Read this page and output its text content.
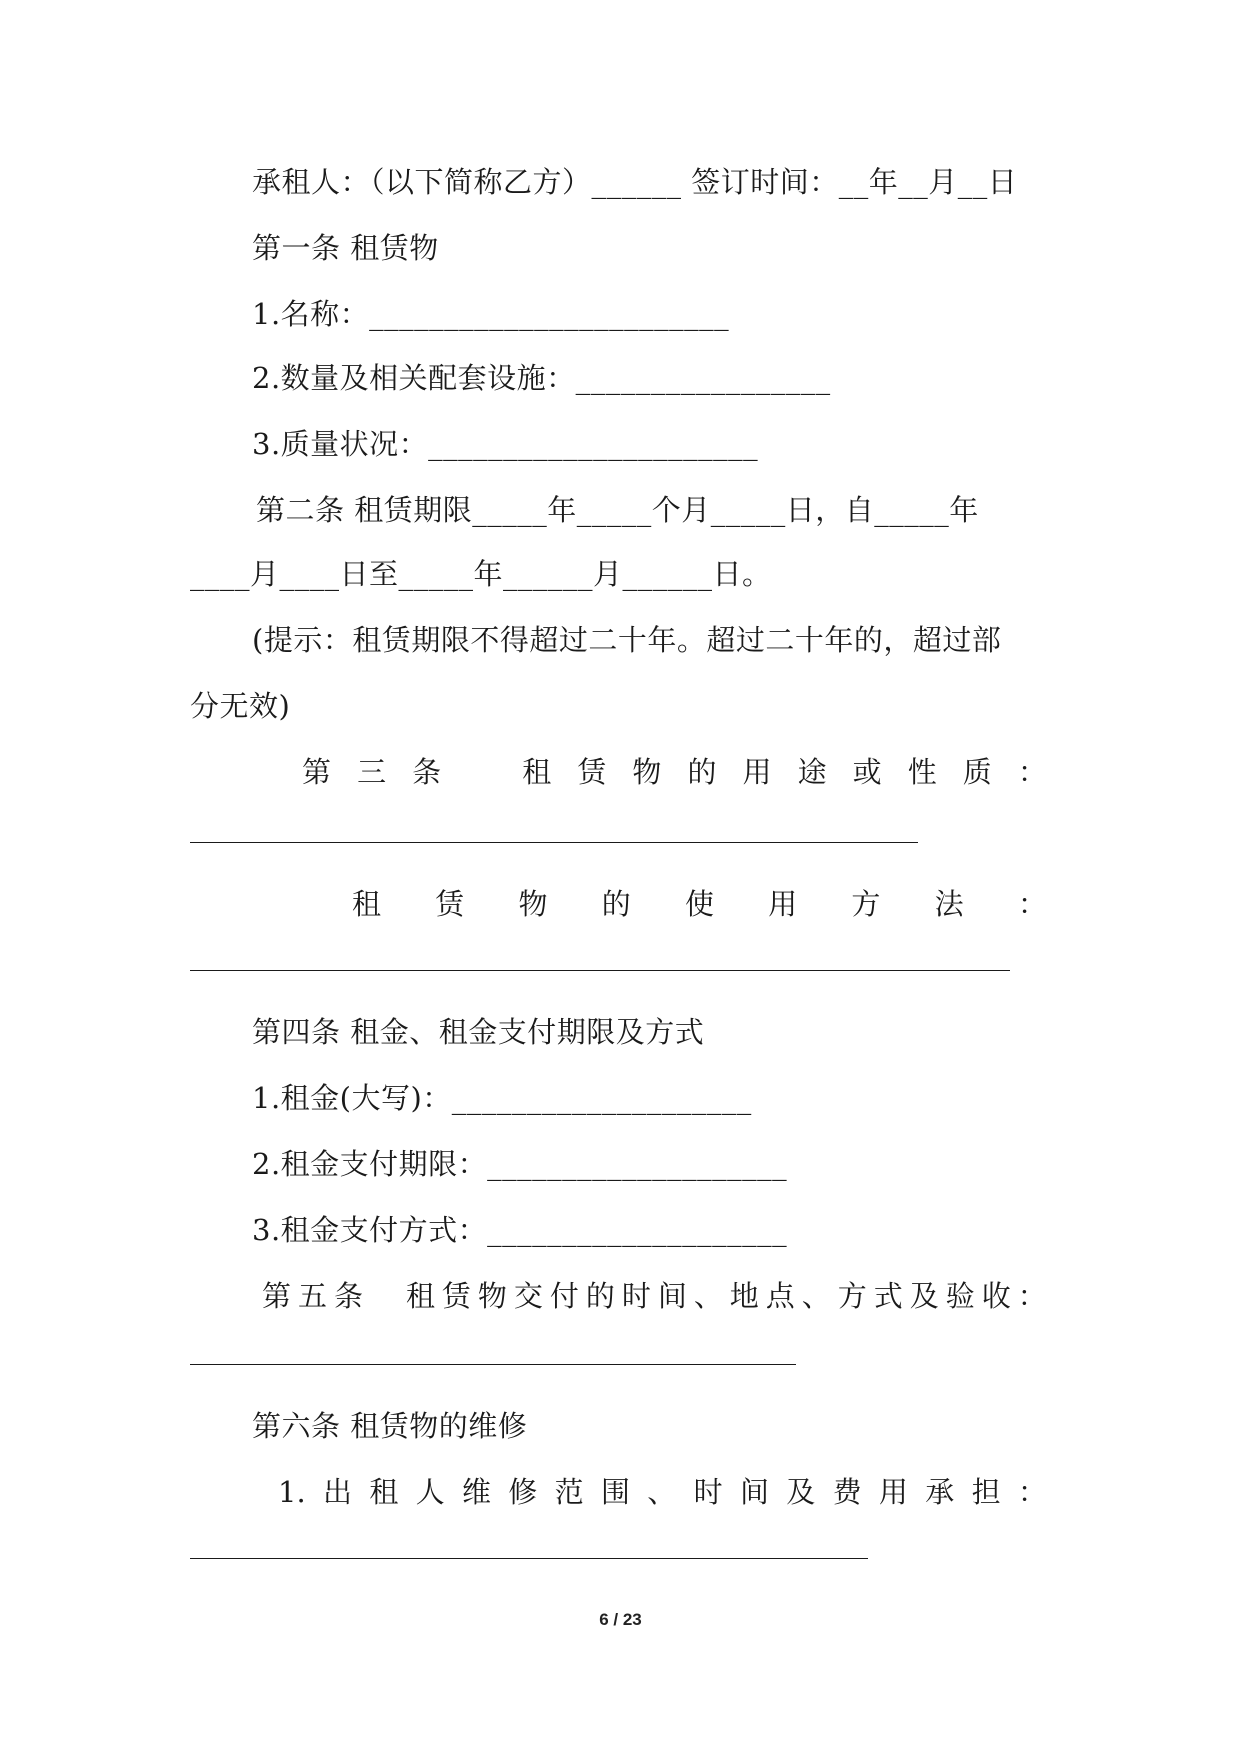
承租人：（以下简称乙方）______ 签订时间：__年__月__日
第一条 租赁物
1.名称：________________________
2.数量及相关配套设施：_________________
3.质量状况：______________________
第二条 租赁期限_____年_____个月_____日，自_____年
____月____日至_____年______月______日。
(提示：租赁期限不得超过二十年。超过二十年的，超过部
分无效)
第 三 条
　	租 赁 物 的 用 途 或 性 质 ：
租 赁 物 的 使 用 方 法 ：
第四条 租金、租金支付期限及方式
1.租金(大写)：____________________
2.租金支付期限：____________________
3.租金支付方式：____________________
第 五 条
　 租 赁 物 交 付 的 时 间 、 地 点 、 方 式 及 验 收 ：
第六条 租赁物的维修
1. 出 租 人 维 修 范 围 、 时 间 及 费 用 承 担 ：
6 / 23
